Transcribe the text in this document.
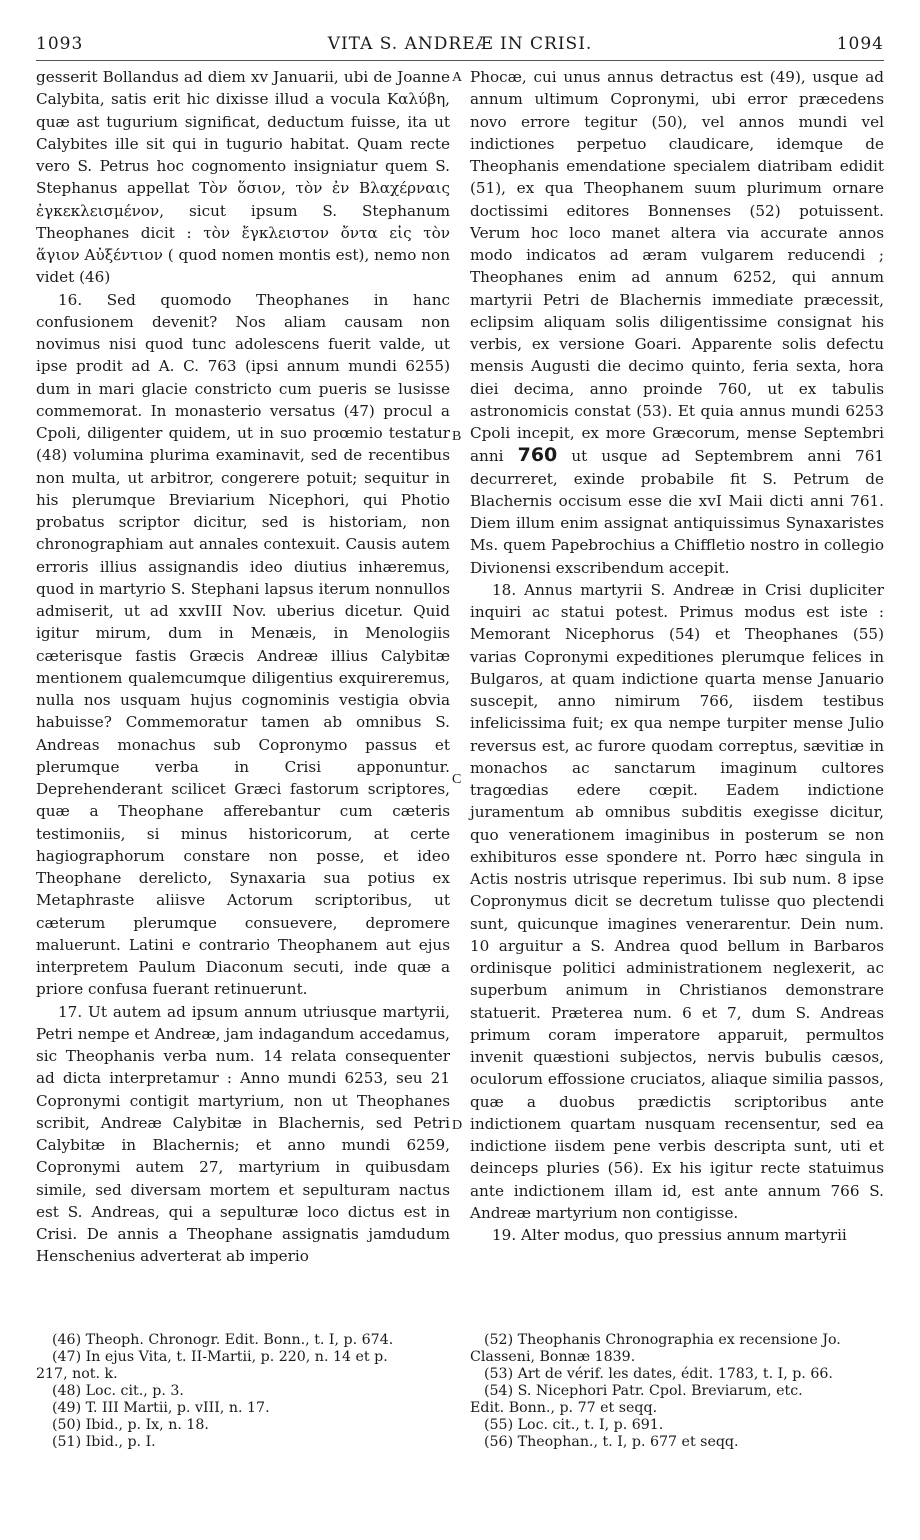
1093	VITA S. ANDREÆ IN CRISI.	1094
A
B
C
D

gesserit Bollandus ad diem xv Januarii, ubi de Joanne Calybita, satis erit hic dixisse illud a vocula Καλύβη, quæ ast tugurium significat, deductum fuisse, ita ut Calybites ille sit qui in tugurio habitat. Quam recte vero S. Petrus hoc cognomento insigniatur quem S. Stephanus appellat Τὸν ὅσιον, τὸν ἐν Βλαχέρναις ἐγκεκλεισμένον, sicut ipsum S. Stephanum Theophanes dicit : τὸν ἔγκλειστον ὄντα εἰς τὸν ἅγιον Αὐξέντιον ( quod nomen montis est), nemo non videt (46)

16. Sed quomodo Theophanes in hanc confusionem devenit? Nos aliam causam non novimus nisi quod tunc adolescens fuerit valde, ut ipse prodit ad A. C. 763 (ipsi annum mundi 6255) dum in mari glacie constricto cum pueris se lusisse commemorat. In monasterio versatus (47) procul a Cpoli, diligenter quidem, ut in suo proœmio testatur (48) volumina plurima examinavit, sed de recentibus non multa, ut arbitror, congerere potuit; sequitur in his plerumque Breviarium Nicephori, qui Photio probatus scriptor dicitur, sed is historiam, non chronographiam aut annales contexuit. Causis autem erroris illius assignandis ideo diutius inhæremus, quod in martyrio S. Stephani lapsus iterum nonnullos admiserit, ut ad xxvIII Nov. uberius dicetur. Quid igitur mirum, dum in Menæis, in Menologiis cæterisque fastis Græcis Andreæ illius Calybitæ mentionem qualemcumque diligentius exquireremus, nulla nos usquam hujus cognominis vestigia obvia habuisse? Commemoratur tamen ab omnibus S. Andreas monachus sub Copronymo passus et plerumque verba in Crisi apponuntur. Deprehenderant scilicet Græci fastorum scriptores, quæ a Theophane afferebantur cum cæteris testimoniis, si minus historicorum, at certe hagiographorum constare non posse, et ideo Theophane derelicto, Synaxaria sua potius ex Metaphraste aliisve Actorum scriptoribus, ut cæterum plerumque consuevere, depromere maluerunt. Latini e contrario Theophanem aut ejus interpretem Paulum Diaconum secuti, inde quæ a priore confusa fuerant retinuerunt.

17. Ut autem ad ipsum annum utriusque martyrii, Petri nempe et Andreæ, jam indagandum accedamus, sic Theophanis verba num. 14 relata consequenter ad dicta interpretamur : Anno mundi 6253, seu 21 Copronymi contigit martyrium, non ut Theophanes scribit, Andreæ Calybitæ in Blachernis, sed Petri Calybitæ in Blachernis; et anno mundi 6259, Copronymi autem 27, martyrium in quibusdam simile, sed diversam mortem et sepulturam nactus est S. Andreas, qui a sepulturæ loco dictus est in Crisi. De annis a Theophane assignatis jamdudum Henschenius adverterat ab imperio

Phocæ, cui unus annus detractus est (49), usque ad annum ultimum Copronymi, ubi error præcedens novo errore tegitur (50), vel annos mundi vel indictiones perpetuo claudicare, idemque de Theophanis emendatione specialem diatribam edidit (51), ex qua Theophanem suum plurimum ornare doctissimi editores Bonnenses (52) potuissent. Verum hoc loco manet altera via accurate annos modo indicatos ad æram vulgarem reducendi ; Theophanes enim ad annum 6252, qui annum martyrii Petri de Blachernis immediate præcessit, eclipsim aliquam solis diligentissime consignat his verbis, ex versione Goari. Apparente solis defectu mensis Augusti die decimo quinto, feria sexta, hora diei decima, anno proinde 760, ut ex tabulis astronomicis constat (53). Et quia annus mundi 6253 Cpoli incepit, ex more Græcorum, mense Septembri anni 760 ut usque ad Septembrem anni 761 decurreret, exinde probabile fit S. Petrum de Blachernis occisum esse die xvI Maii dicti anni 761. Diem illum enim assignat antiquissimus Synaxaristes Ms. quem Papebrochius a Chiffletio nostro in collegio Divionensi exscribendum accepit.

18. Annus martyrii S. Andreæ in Crisi dupliciter inquiri ac statui potest. Primus modus est iste : Memorant Nicephorus (54) et Theophanes (55) varias Copronymi expeditiones plerumque felices in Bulgaros, at quam indictione quarta mense Januario suscepit, anno nimirum 766, iisdem testibus infelicissima fuit; ex qua nempe turpiter mense Julio reversus est, ac furore quodam correptus, sævitiæ in monachos ac sanctarum imaginum cultores tragœdias edere cœpit. Eadem indictione juramentum ab omnibus subditis exegisse dicitur, quo venerationem imaginibus in posterum se non exhibituros esse spondere nt. Porro hæc singula in Actis nostris utrisque reperimus. Ibi sub num. 8 ipse Copronymus dicit se decretum tulisse quo plectendi sunt, quicunque imagines venerarentur. Dein num. 10 arguitur a S. Andrea quod bellum in Barbaros ordinisque politici administrationem neglexerit, ac superbum animum in Christianos demonstrare statuerit. Præterea num. 6 et 7, dum S. Andreas primum coram imperatore apparuit, permultos invenit quæstioni subjectos, nervis bubulis cæsos, oculorum effossione cruciatos, aliaque similia passos, quæ a duobus prædictis scriptoribus ante indictionem quartam nusquam recensentur, sed ea indictione iisdem pene verbis descripta sunt, uti et deinceps pluries (56). Ex his igitur recte statuimus ante indictionem illam id, est ante annum 766 S. Andreæ martyrium non contigisse.

19. Alter modus, quo pressius annum martyrii

(46) Theoph. Chronogr. Edit. Bonn., t. I, p. 674.
(47) In ejus Vita, t. II-Martii, p. 220, n. 14 et p.
217, not. k.
(48) Loc. cit., p. 3.
(49) T. III Martii, p. vIII, n. 17.
(50) Ibid., p. Ix, n. 18.
(51) Ibid., p. I.
(52) Theophanis Chronographia ex recensione Jo.
Classeni, Bonnæ 1839.
(53) Art de vérif. les dates, édit. 1783, t. I, p. 66.
(54) S. Nicephori Patr. Cpol. Breviarum, etc.
Edit. Bonn., p. 77 et seqq.
(55) Loc. cit., t. I, p. 691.
(56) Theophan., t. I, p. 677 et seqq.
